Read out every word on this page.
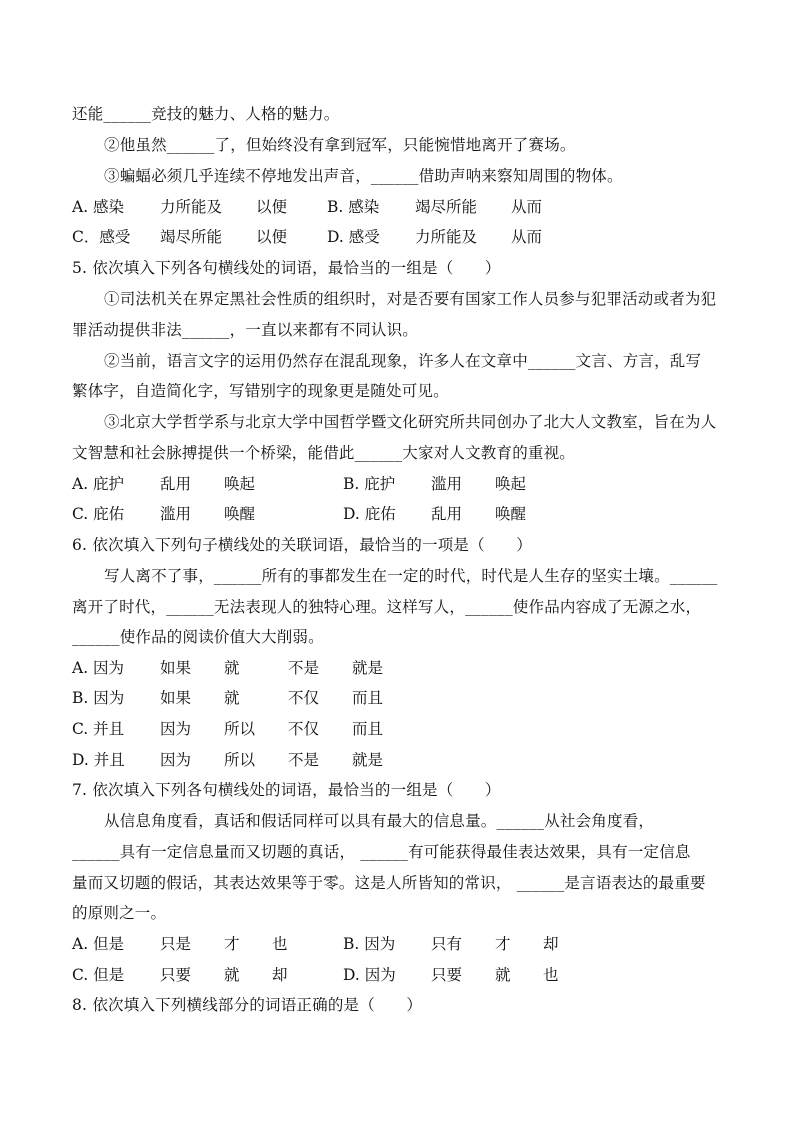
还能______竞技的魅力、人格的魅力。
②他虽然______了，但始终没有拿到冠军，只能惋惜地离开了赛场。
③蝙蝠必须几乎连续不停地发出声音，______借助声呐来察知周围的物体。
A. 感染 力所能及 以便	B. 感染 竭尽所能 从而
C．感受 竭尽所能 以便	D. 感受 力所能及 从而
5. 依次填入下列各句横线处的词语，最恰当的一组是（　　）
①司法机关在界定黑社会性质的组织时，对是否要有国家工作人员参与犯罪活动或者为犯
罪活动提供非法______，一直以来都有不同认识。
②当前，语言文字的运用仍然存在混乱现象，许多人在文章中______文言、方言，乱写
繁体字，自造简化字，写错别字的现象更是随处可见。
③北京大学哲学系与北京大学中国哲学暨文化研究所共同创办了北大人文教室，旨在为人
文智慧和社会脉搏提供一个桥梁，能借此______大家对人文教育的重视。
A. 庇护 乱用 唤起	B. 庇护 滥用 唤起
C. 庇佑 滥用 唤醒	D. 庇佑 乱用 唤醒
6. 依次填入下列句子横线处的关联词语，最恰当的一项是（　　）
写人离不了事，______所有的事都发生在一定的时代，时代是人生存的坚实土壤。______
离开了时代，______无法表现人的独特心理。这样写人，______使作品内容成了无源之水，
______使作品的阅读价值大大削弱。
A. 因为 如果 就	不是 就是
B. 因为 如果 就	不仅 而且
C. 并且 因为 所以 不仅 而且
D. 并且 因为 所以 不是 就是
7. 依次填入下列各句横线处的词语，最恰当的一组是（　　）
从信息角度看，真话和假话同样可以具有最大的信息量。______从社会角度看，
______具有一定信息量而又切题的真话， ______有可能获得最佳表达效果，具有一定信息
量而又切题的假话，其表达效果等于零。这是人所皆知的常识， ______是言语表达的最重要
的原则之一。
A. 但是 只是 才 也	B. 因为 只有 才 却
C. 但是 只要 就 却	D. 因为 只要 就 也
8. 依次填入下列横线部分的词语正确的是（　　）
